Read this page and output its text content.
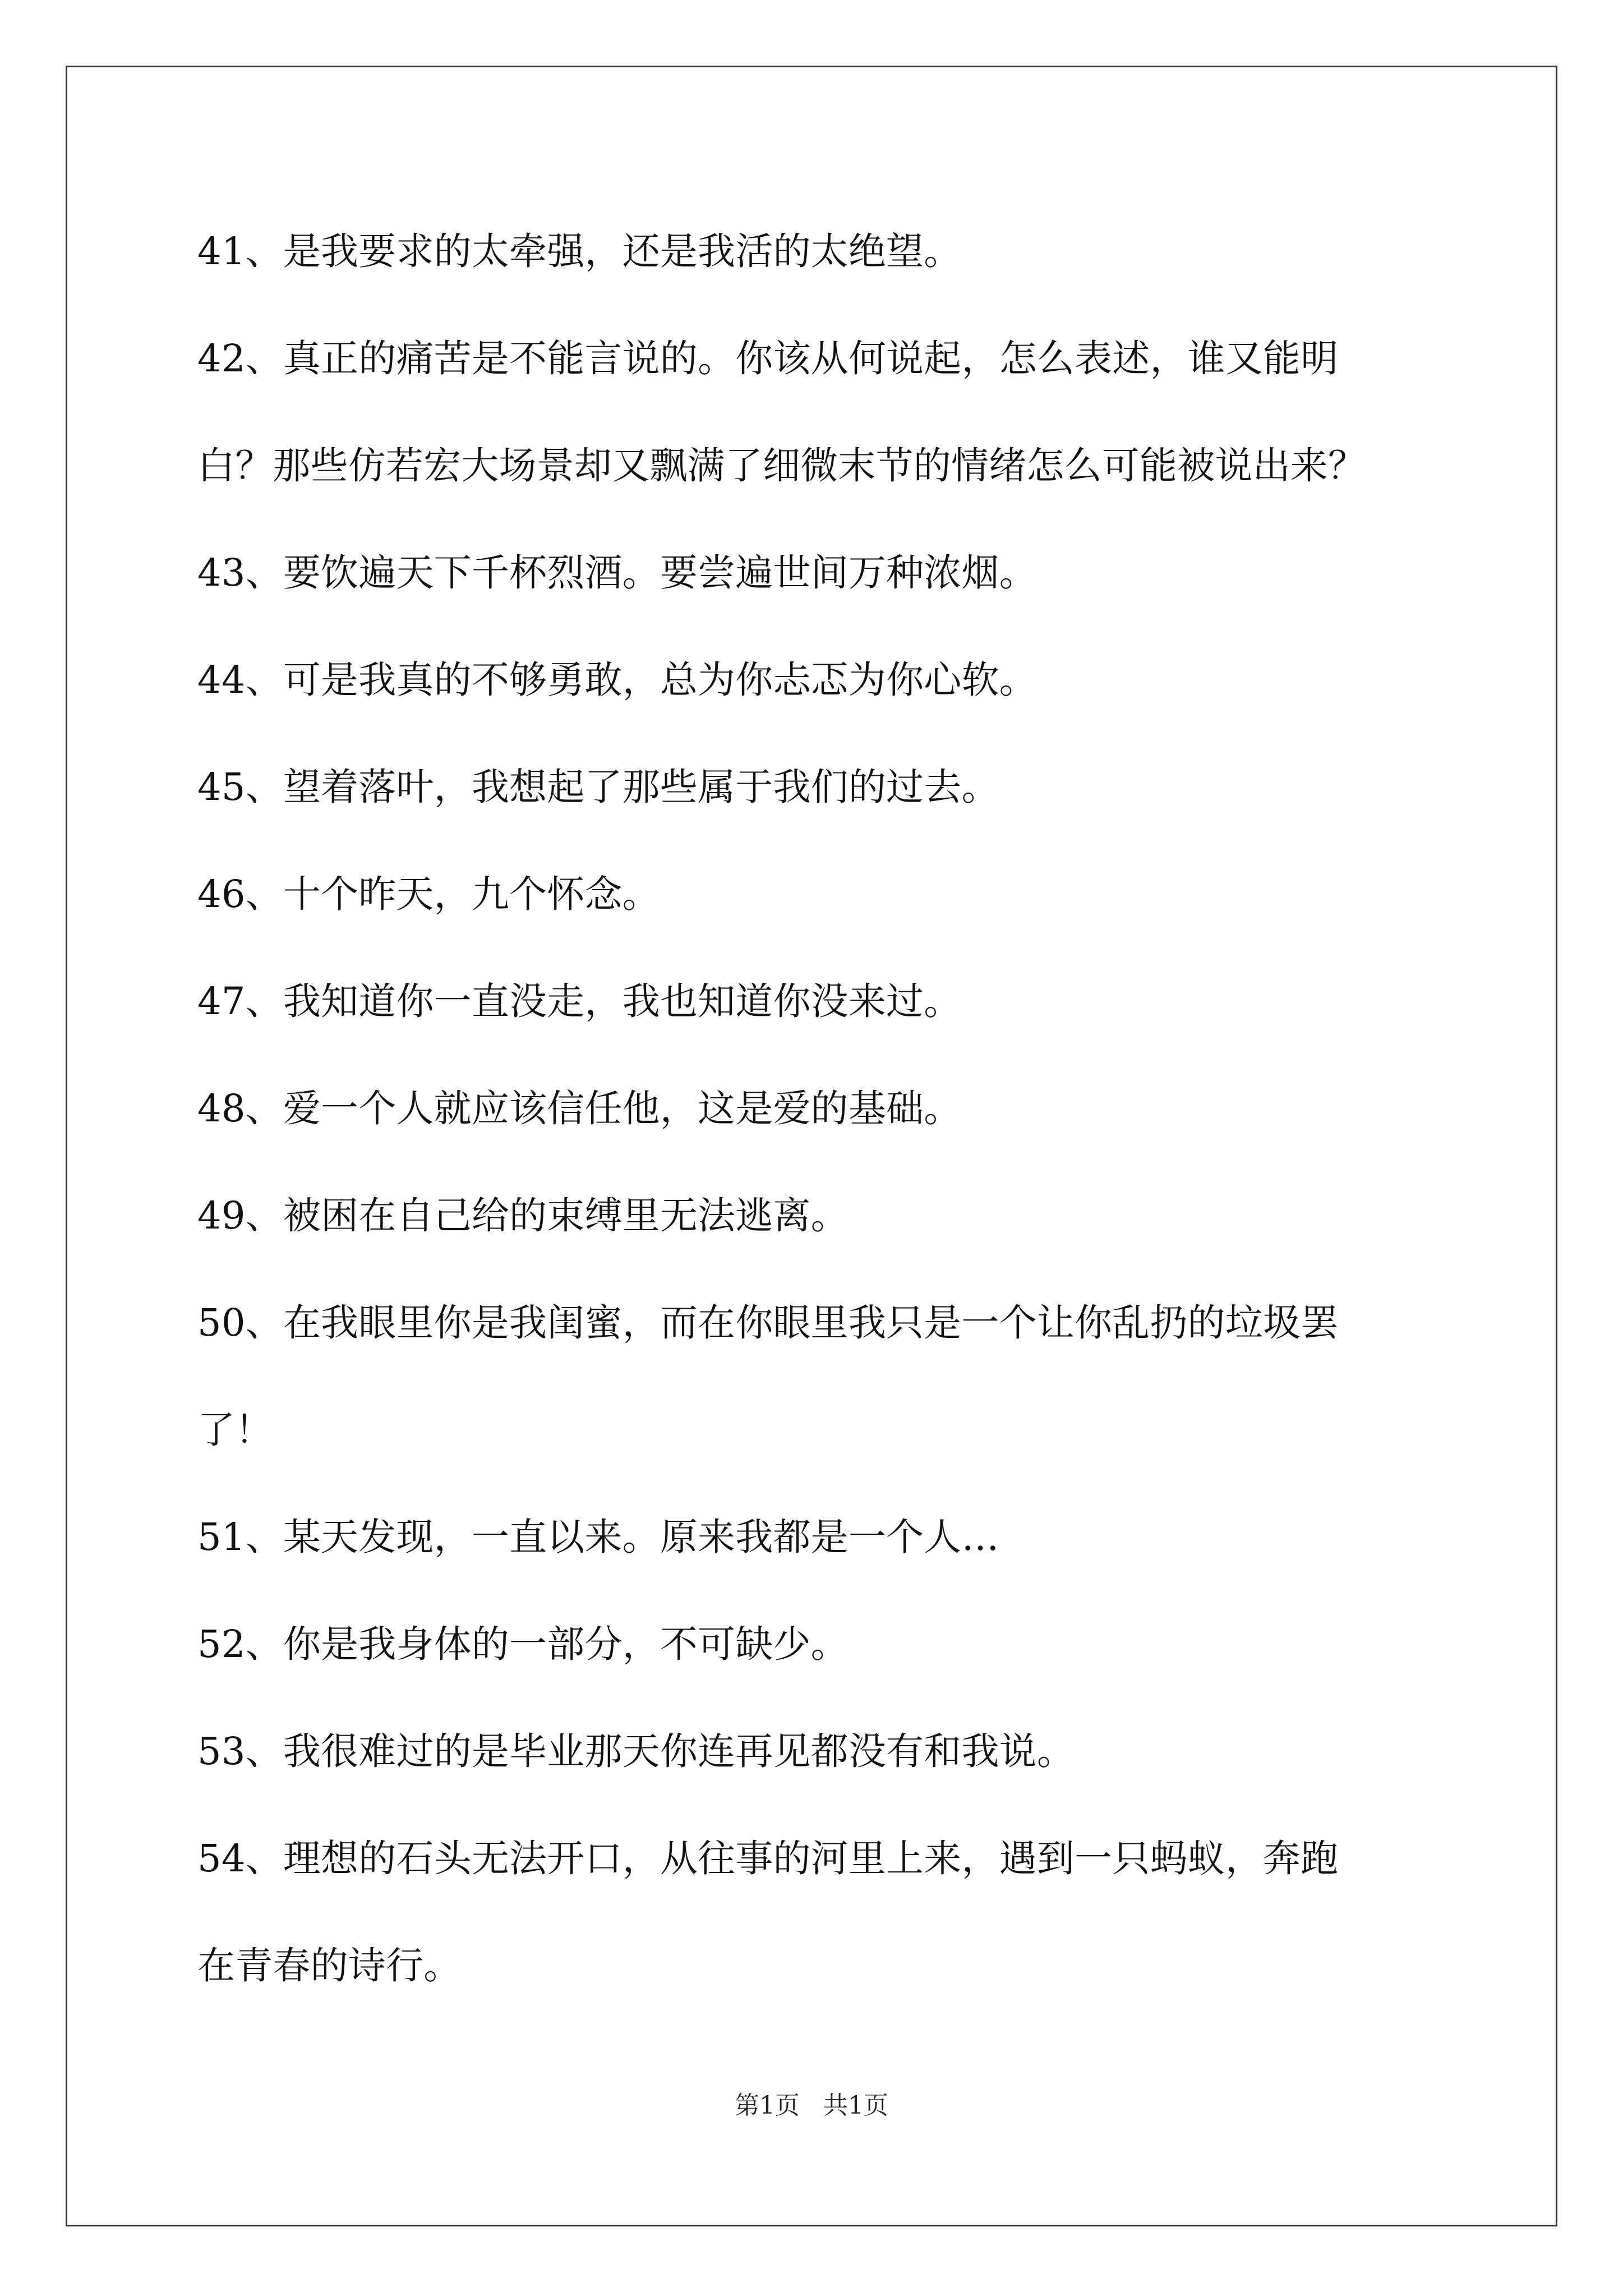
41、是我要求的太牵强，还是我活的太绝望。
42、真正的痛苦是不能言说的。你该从何说起，怎么表述，谁又能明
白？那些仿若宏大场景却又飘满了细微末节的情绪怎么可能被说出来？
43、要饮遍天下千杯烈酒。要尝遍世间万种浓烟。
44、可是我真的不够勇敢，总为你忐忑为你心软。
45、望着落叶，我想起了那些属于我们的过去。
46、十个昨天，九个怀念。
47、我知道你一直没走，我也知道你没来过。
48、爱一个人就应该信任他，这是爱的基础。
49、被困在自己给的束缚里无法逃离。
50、在我眼里你是我闺蜜，而在你眼里我只是一个让你乱扔的垃圾罢
了！
51、某天发现，一直以来。原来我都是一个人…
52、你是我身体的一部分，不可缺少。
53、我很难过的是毕业那天你连再见都没有和我说。
54、理想的石头无法开口，从往事的河里上来，遇到一只蚂蚁，奔跑
在青春的诗行。
第1页   共1页
